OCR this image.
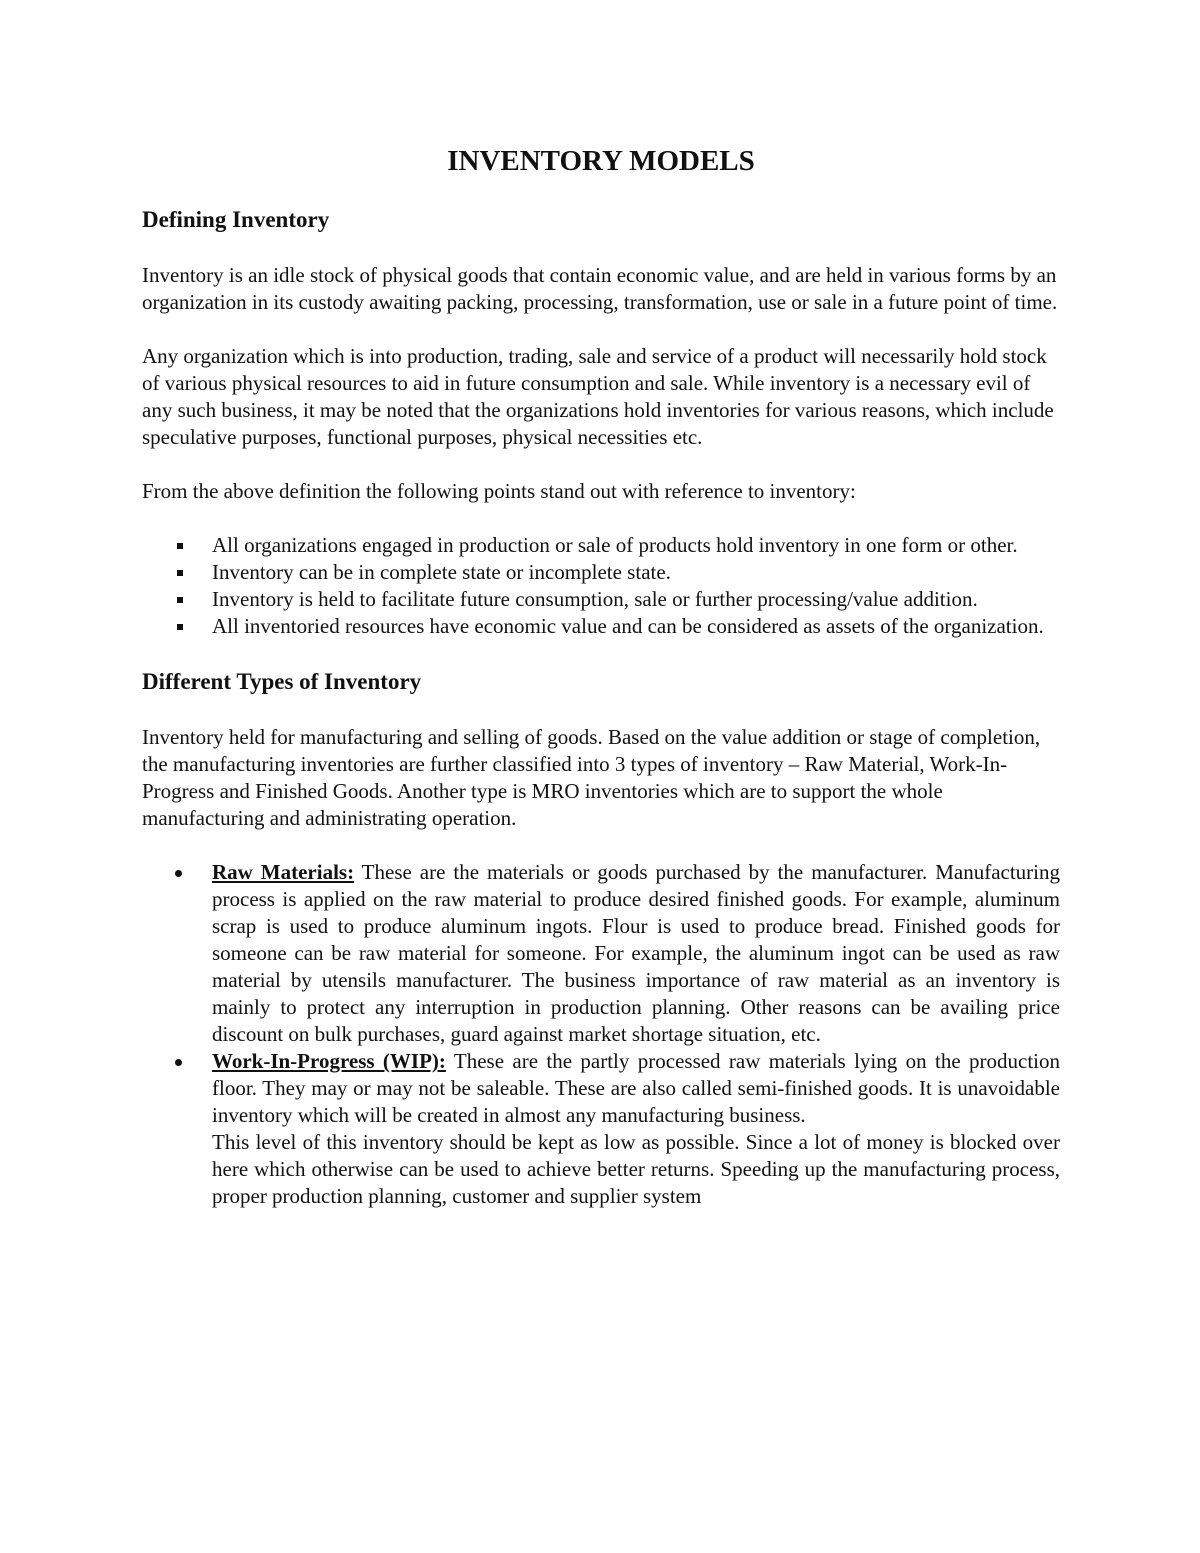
INVENTORY MODELS
Defining Inventory

Inventory is an idle stock of physical goods that contain economic value, and are held in various forms by an organization in its custody awaiting packing, processing, transformation, use or sale in a future point of time.

Any organization which is into production, trading, sale and service of a product will necessarily hold stock of various physical resources to aid in future consumption and sale. While inventory is a necessary evil of any such business, it may be noted that the organizations hold inventories for various reasons, which include speculative purposes, functional purposes, physical necessities etc.

From the above definition the following points stand out with reference to inventory:

All organizations engaged in production or sale of products hold inventory in one form or other.
Inventory can be in complete state or incomplete state.
Inventory is held to facilitate future consumption, sale or further processing/value addition.
All inventoried resources have economic value and can be considered as assets of the organization.
Different Types of Inventory

Inventory held for manufacturing and selling of goods. Based on the value addition or stage of completion, the manufacturing inventories are further classified into 3 types of inventory – Raw Material, Work-In-Progress and Finished Goods. Another type is MRO inventories which are to support the whole manufacturing and administrating operation.

Raw Materials: These are the materials or goods purchased by the manufacturer. Manufacturing process is applied on the raw material to produce desired finished goods. For example, aluminum scrap is used to produce aluminum ingots. Flour is used to produce bread. Finished goods for someone can be raw material for someone. For example, the aluminum ingot can be used as raw material by utensils manufacturer. The business importance of raw material as an inventory is mainly to protect any interruption in production planning. Other reasons can be availing price discount on bulk purchases, guard against market shortage situation, etc.
Work-In-Progress (WIP): These are the partly processed raw materials lying on the production floor. They may or may not be saleable. These are also called semi-finished goods. It is unavoidable inventory which will be created in almost any manufacturing business.
This level of this inventory should be kept as low as possible. Since a lot of money is blocked over here which otherwise can be used to achieve better returns. Speeding up the manufacturing process, proper production planning, customer and supplier system
